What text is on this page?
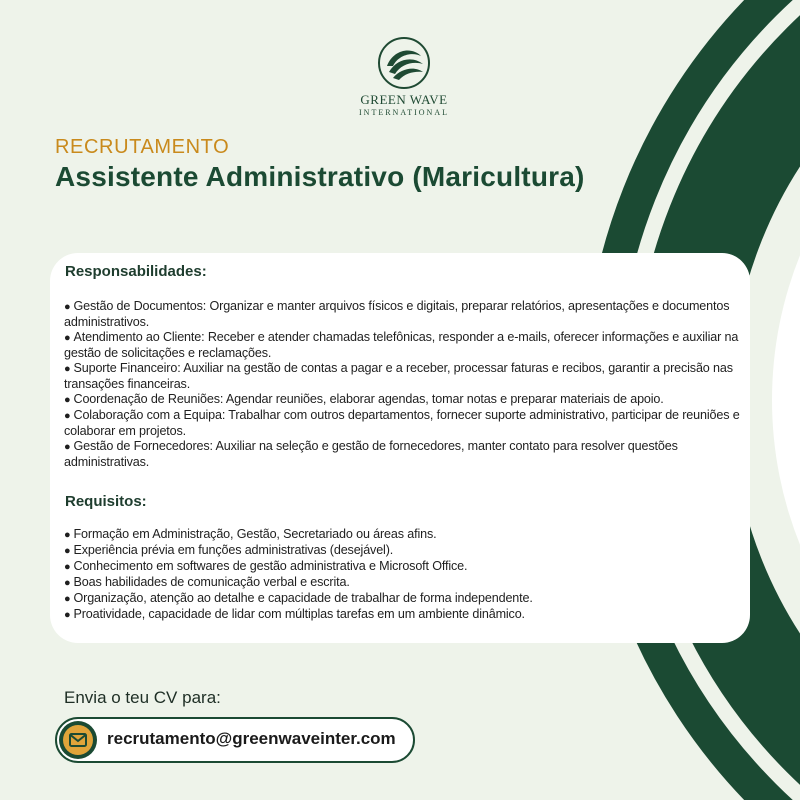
GREEN WAVE
INTERNATIONAL
RECRUTAMENTO
Assistente Administrativo (Maricultura)
Responsabilidades:
● Gestão de Documentos: Organizar e manter arquivos físicos e digitais, preparar relatórios, apresentações e documentos administrativos.
● Atendimento ao Cliente: Receber e atender chamadas telefônicas, responder a e-mails, oferecer informações e auxiliar na gestão de solicitações e reclamações.
● Suporte Financeiro: Auxiliar na gestão de contas a pagar e a receber, processar faturas e recibos, garantir a precisão nas transações financeiras.
● Coordenação de Reuniões: Agendar reuniões, elaborar agendas, tomar notas e preparar materiais de apoio.
● Colaboração com a Equipa: Trabalhar com outros departamentos, fornecer suporte administrativo, participar de reuniões e colaborar em projetos.
● Gestão de Fornecedores: Auxiliar na seleção e gestão de fornecedores, manter contato para resolver questões administrativas.
Requisitos:
● Formação em Administração, Gestão, Secretariado ou áreas afins.
● Experiência prévia em funções administrativas (desejável).
● Conhecimento em softwares de gestão administrativa e Microsoft Office.
● Boas habilidades de comunicação verbal e escrita.
● Organização, atenção ao detalhe e capacidade de trabalhar de forma independente.
● Proatividade, capacidade de lidar com múltiplas tarefas em um ambiente dinâmico.
Envia o teu CV para:
recrutamento@greenwaveinter.com
